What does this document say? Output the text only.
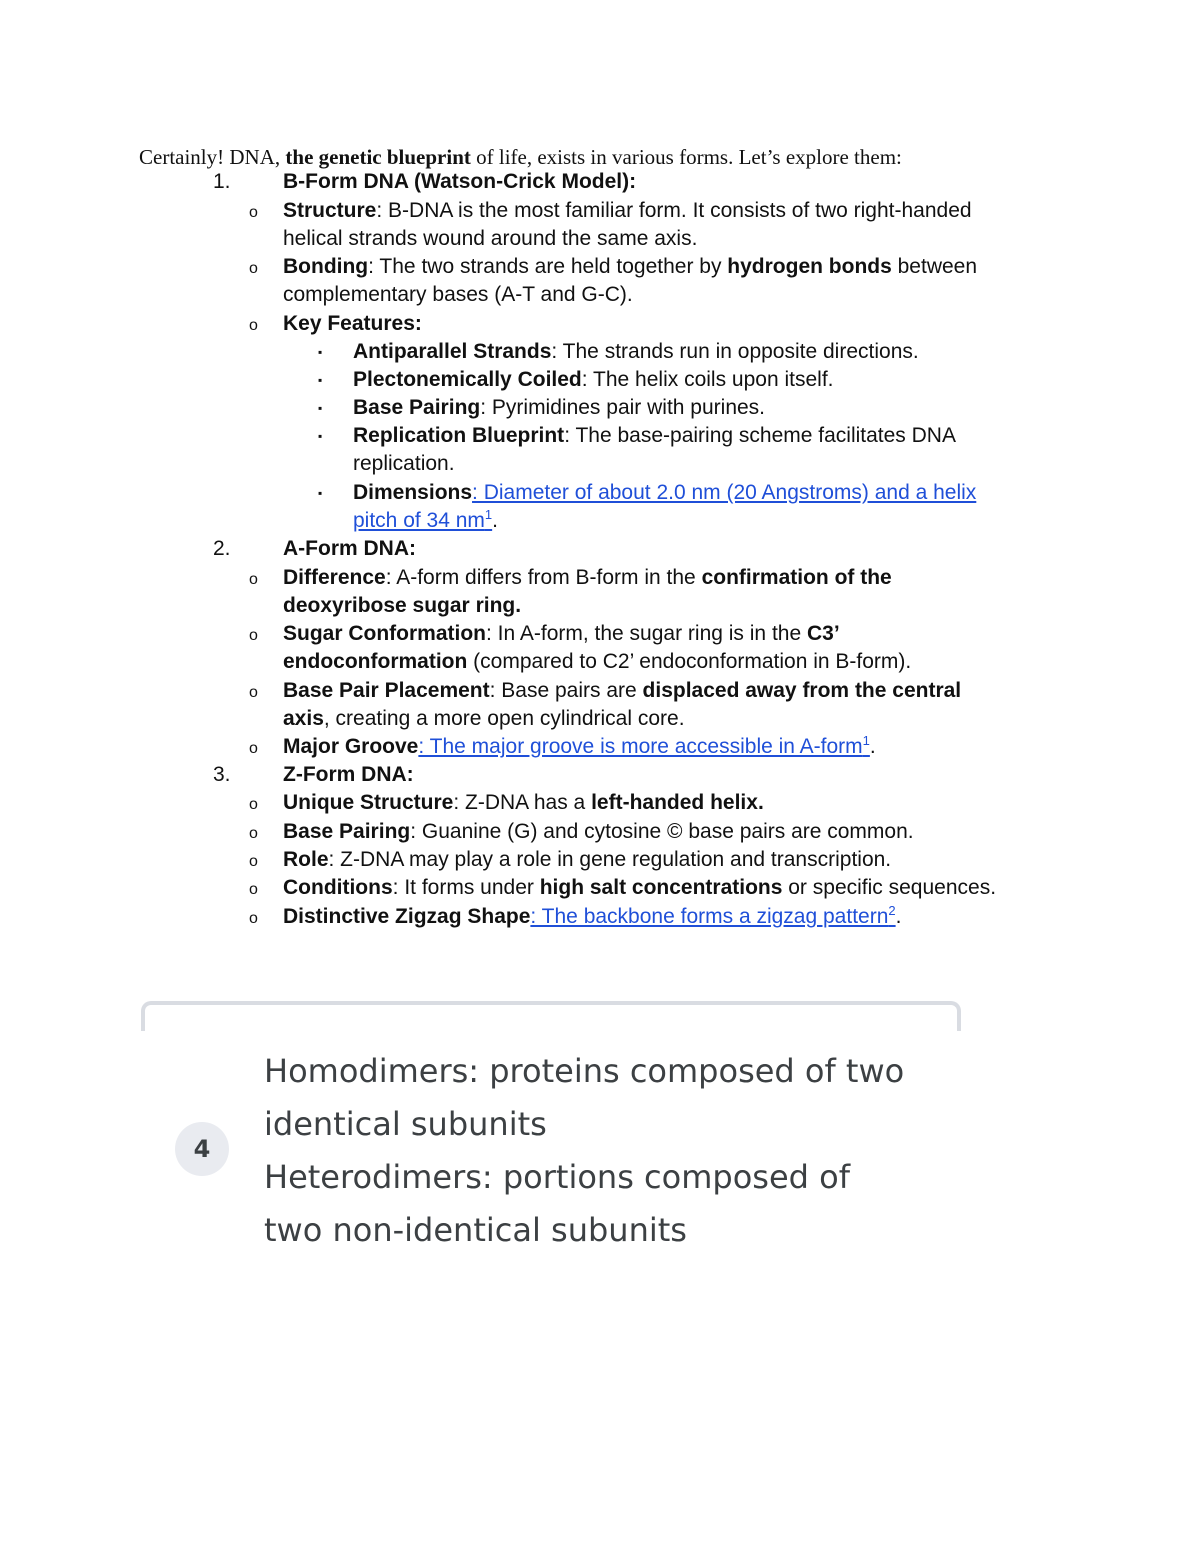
Certainly! DNA, the genetic blueprint of life, exists in various forms. Let’s explore them:
1. B-Form DNA (Watson-Crick Model):
o Structure: B-DNA is the most familiar form. It consists of two right-handed
helical strands wound around the same axis.
o Bonding: The two strands are held together by hydrogen bonds between
complementary bases (A-T and G-C).
o Key Features:
▪ Antiparallel Strands: The strands run in opposite directions.
▪ Plectonemically Coiled: The helix coils upon itself.
▪ Base Pairing: Pyrimidines pair with purines.
▪ Replication Blueprint: The base-pairing scheme facilitates DNA
replication.
▪ Dimensions: Diameter of about 2.0 nm (20 Angstroms) and a helix
pitch of 34 $nm^1$.
2. A-Form DNA:
o Difference: A-form differs from B-form in the confirmation of the
deoxyribose sugar ring.
o Sugar Conformation: In A-form, the sugar ring is in the C3’
endoconformation (compared to C2’ endoconformation in B-form).
o Base Pair Placement: Base pairs are displaced away from the central
axis, creating a more open cylindrical core.
o Major Groove: The major groove is more accessible in A-form$^1$.
3. Z-Form DNA:
o Unique Structure: Z-DNA has a left-handed helix.
o Base Pairing: Guanine (G) and cytosine © base pairs are common.
o Role: Z-DNA may play a role in gene regulation and transcription.
o Conditions: It forms under high salt concentrations or specific sequences.
o Distinctive Zigzag Shape: The backbone forms a zigzag pattern$^2$.
4
Homodimers: proteins composed of two
identical subunits
Heterodimers: portions composed of
two non-identical subunits
